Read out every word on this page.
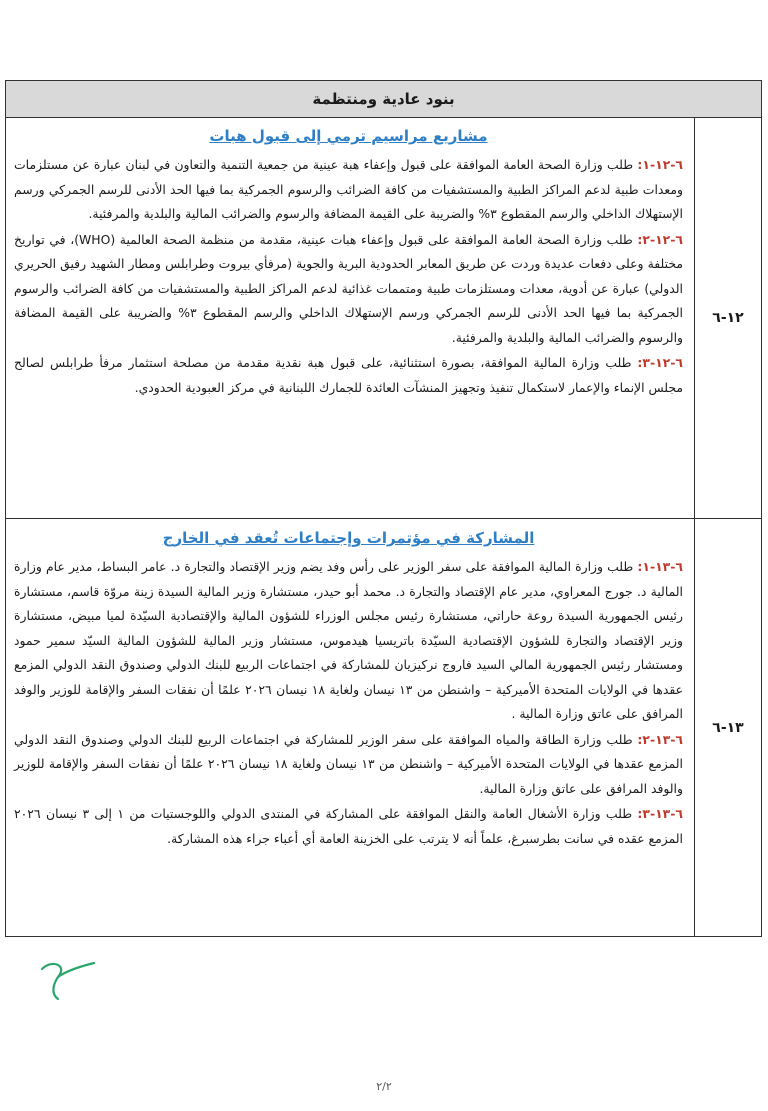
بنود عادية ومنتظمة
١٢-٦
مشاريع مراسيم ترمي إلى قبول هبات

٦-١٢-١: طلب وزارة الصحة العامة الموافقة على قبول وإعفاء هبة عينية من جمعية التنمية والتعاون في لبنان عبارة عن مستلزمات ومعدات طبية لدعم المراكز الطبية والمستشفيات من كافة الضرائب والرسوم الجمركية بما فيها الحد الأدنى للرسم الجمركي ورسم الإستهلاك الداخلي والرسم المقطوع ٣% والضريبة على القيمة المضافة والرسوم والضرائب المالية والبلدية والمرفئية.

٦-١٢-٢: طلب وزارة الصحة العامة الموافقة على قبول وإعفاء هبات عينية، مقدمة من منظمة الصحة العالمية (WHO)، في تواريخ مختلفة وعلى دفعات عديدة وردت عن طريق المعابر الحدودية البرية والجوية (مرفأي بيروت وطرابلس ومطار الشهيد رفيق الحريري الدولي) عبارة عن أدوية، معدات ومستلزمات طبية ومتممات غذائية لدعم المراكز الطبية والمستشفيات من كافة الضرائب والرسوم الجمركية بما فيها الحد الأدنى للرسم الجمركي ورسم الإستهلاك الداخلي والرسم المقطوع ٣% والضريبة على القيمة المضافة والرسوم والضرائب المالية والبلدية والمرفئية.

٦-١٢-٣: طلب وزارة المالية الموافقة، بصورة استثنائية، على قبول هبة نقدية مقدمة من مصلحة استثمار مرفأ طرابلس لصالح مجلس الإنماء والإعمار لاستكمال تنفيذ وتجهيز المنشآت العائدة للجمارك اللبنانية في مركز العبودية الحدودي.

١٣-٦
المشاركة في مؤتمرات وإجتماعات تُعقد في الخارج

٦-١٣-١: طلب وزارة المالية الموافقة على سفر الوزير على رأس وفد يضم وزير الإقتصاد والتجارة د. عامر البساط، مدير عام وزارة المالية د. جورج المعراوي، مدير عام الإقتصاد والتجارة د. محمد أبو حيدر، مستشارة وزير المالية السيدة زينة مروّة قاسم، مستشارة رئيس الجمهورية السيدة روعة حاراتي، مستشارة رئيس مجلس الوزراء للشؤون المالية والإقتصادية السيّدة لميا مبيض، مستشارة وزير الإقتصاد والتجارة للشؤون الإقتصادية السيّدة باتريسيا هيدموس، مستشار وزير المالية للشؤون المالية السيّد سمير حمود ومستشار رئيس الجمهورية المالي السيد فاروج نركيزيان للمشاركة في اجتماعات الربيع للبنك الدولي وصندوق النقد الدولي المزمع عقدها في الولايات المتحدة الأميركية – واشنطن من ١٣ نيسان ولغاية ١٨ نيسان ٢٠٢٦ علمًا أن نفقات السفر والإقامة للوزير والوفد المرافق على عاتق وزارة المالية .

٦-١٣-٢: طلب وزارة الطاقة والمياه الموافقة على سفر الوزير للمشاركة في اجتماعات الربيع للبنك الدولي وصندوق النقد الدولي المزمع عقدها في الولايات المتحدة الأميركية – واشنطن من ١٣ نيسان ولغاية ١٨ نيسان ٢٠٢٦ علمًا أن نفقات السفر والإقامة للوزير والوفد المرافق على عاتق وزارة المالية.

٦-١٣-٣: طلب وزارة الأشغال العامة والنقل الموافقة على المشاركة في المنتدى الدولي واللوجستيات من ١ إلى ٣ نيسان ٢٠٢٦ المزمع عقده في سانت بطرسبرغ، علماً أنه لا يترتب على الخزينة العامة أي أعباء جراء هذه المشاركة.

٢/٢
